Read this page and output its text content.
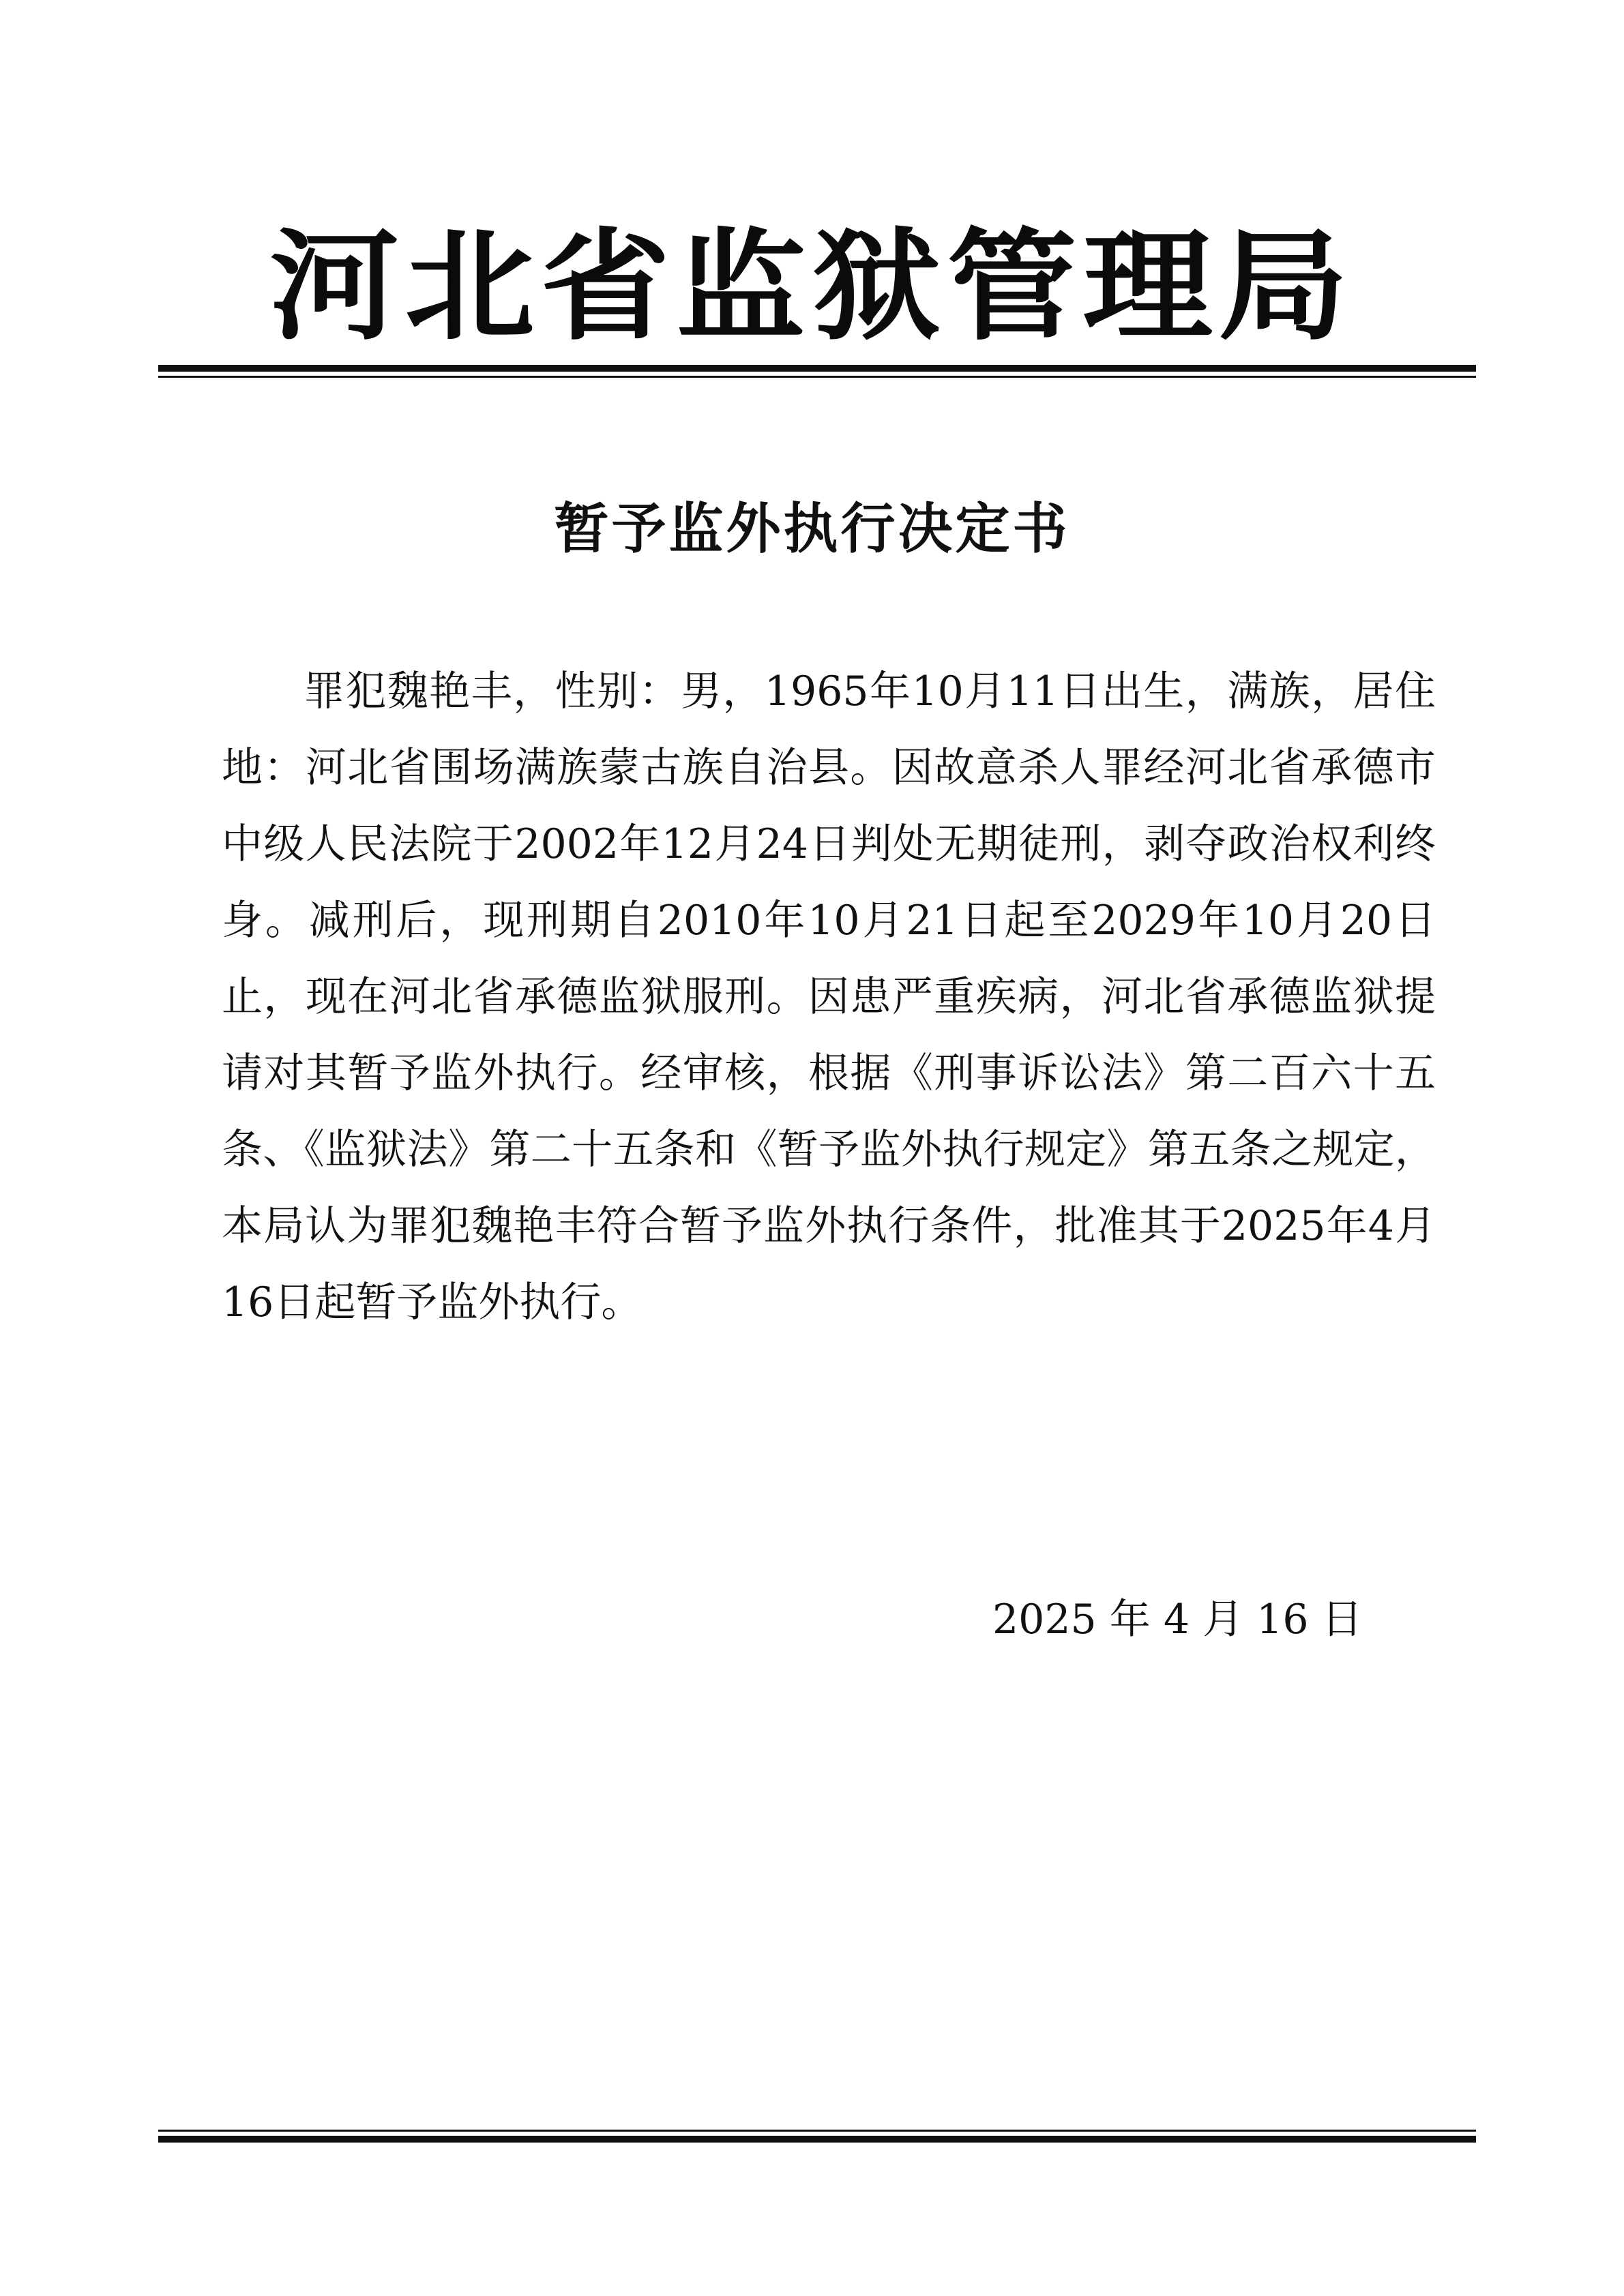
河北省监狱管理局
暂予监外执行决定书

罪犯魏艳丰，性别：男，1965年10月11日出生，满族，居住地：河北省围场满族蒙古族自治县。因故意杀人罪经河北省承德市中级人民法院于2002年12月24日判处无期徒刑，剥夺政治权利终身。减刑后，现刑期自2010年10月21日起至2029年10月20日止，现在河北省承德监狱服刑。因患严重疾病，河北省承德监狱提请对其暂予监外执行。经审核，根据《刑事诉讼法》第二百六十五条、《监狱法》第二十五条和《暂予监外执行规定》第五条之规定，本局认为罪犯魏艳丰符合暂予监外执行条件，批准其于2025年4月16日起暂予监外执行。

2025 年 4 月 16 日
